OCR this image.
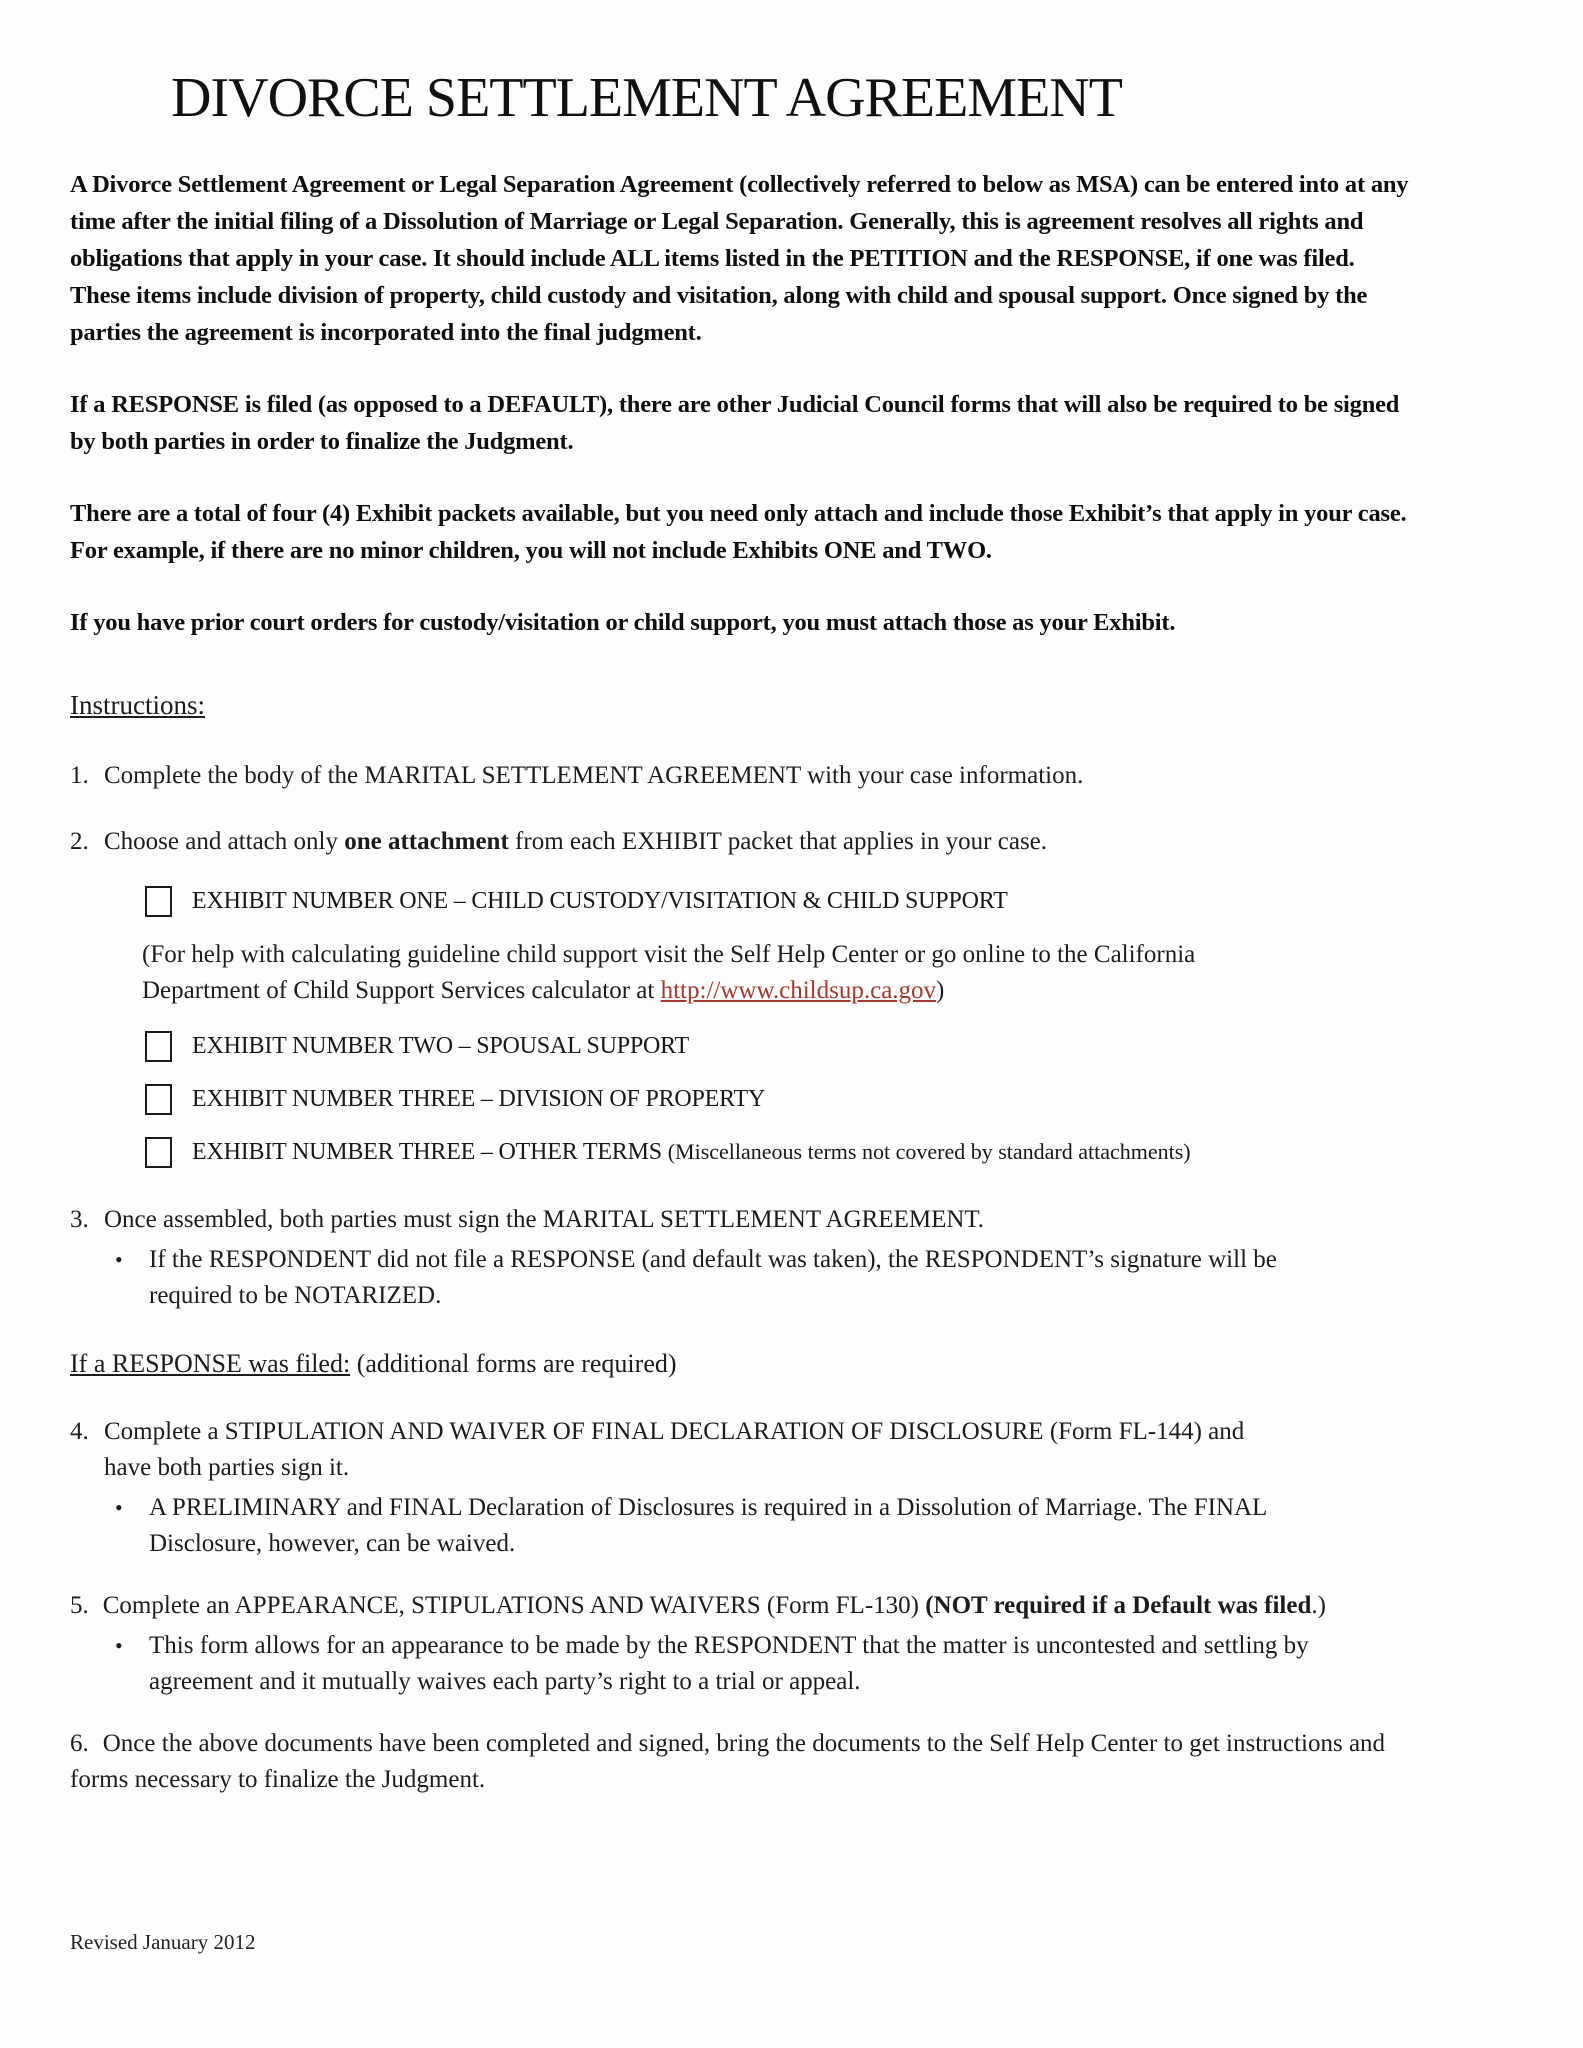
DIVORCE SETTLEMENT AGREEMENT

A Divorce Settlement Agreement or Legal Separation Agreement (collectively referred to below as MSA) can be entered into at any time after the initial filing of a Dissolution of Marriage or Legal Separation. Generally, this is agreement resolves all rights and obligations that apply in your case. It should include ALL items listed in the PETITION and the RESPONSE, if one was filed. These items include division of property, child custody and visitation, along with child and spousal support. Once signed by the parties the agreement is incorporated into the final judgment.

If a RESPONSE is filed (as opposed to a DEFAULT), there are other Judicial Council forms that will also be required to be signed by both parties in order to finalize the Judgment.

There are a total of four (4) Exhibit packets available, but you need only attach and include those Exhibit’s that apply in your case. For example, if there are no minor children, you will not include Exhibits ONE and TWO.

If you have prior court orders for custody/visitation or child support, you must attach those as your Exhibit.

Instructions:
1. Complete the body of the MARITAL SETTLEMENT AGREEMENT with your case information.
2. Choose and attach only one attachment from each EXHIBIT packet that applies in your case.
EXHIBIT NUMBER ONE – CHILD CUSTODY/VISITATION & CHILD SUPPORT

(For help with calculating guideline child support visit the Self Help Center or go online to the California Department of Child Support Services calculator at http://www.childsup.ca.gov)

EXHIBIT NUMBER TWO – SPOUSAL SUPPORT
EXHIBIT NUMBER THREE – DIVISION OF PROPERTY
EXHIBIT NUMBER THREE – OTHER TERMS (Miscellaneous terms not covered by standard attachments)
3. Once assembled, both parties must sign the MARITAL SETTLEMENT AGREEMENT.
•	If the RESPONDENT did not file a RESPONSE (and default was taken), the RESPONDENT’s signature will be required to be NOTARIZED.
If a RESPONSE was filed: (additional forms are required)
4. Complete a STIPULATION AND WAIVER OF FINAL DECLARATION OF DISCLOSURE (Form FL-144) and have both parties sign it.
•	A PRELIMINARY and FINAL Declaration of Disclosures is required in a Dissolution of Marriage. The FINAL Disclosure, however, can be waived.
5. Complete an APPEARANCE, STIPULATIONS AND WAIVERS (Form FL-130) (NOT required if a Default was filed.)
•	This form allows for an appearance to be made by the RESPONDENT that the matter is uncontested and settling by agreement and it mutually waives each party’s right to a trial or appeal.
6. Once the above documents have been completed and signed, bring the documents to the Self Help Center to get instructions and forms necessary to finalize the Judgment.
Revised January 2012
